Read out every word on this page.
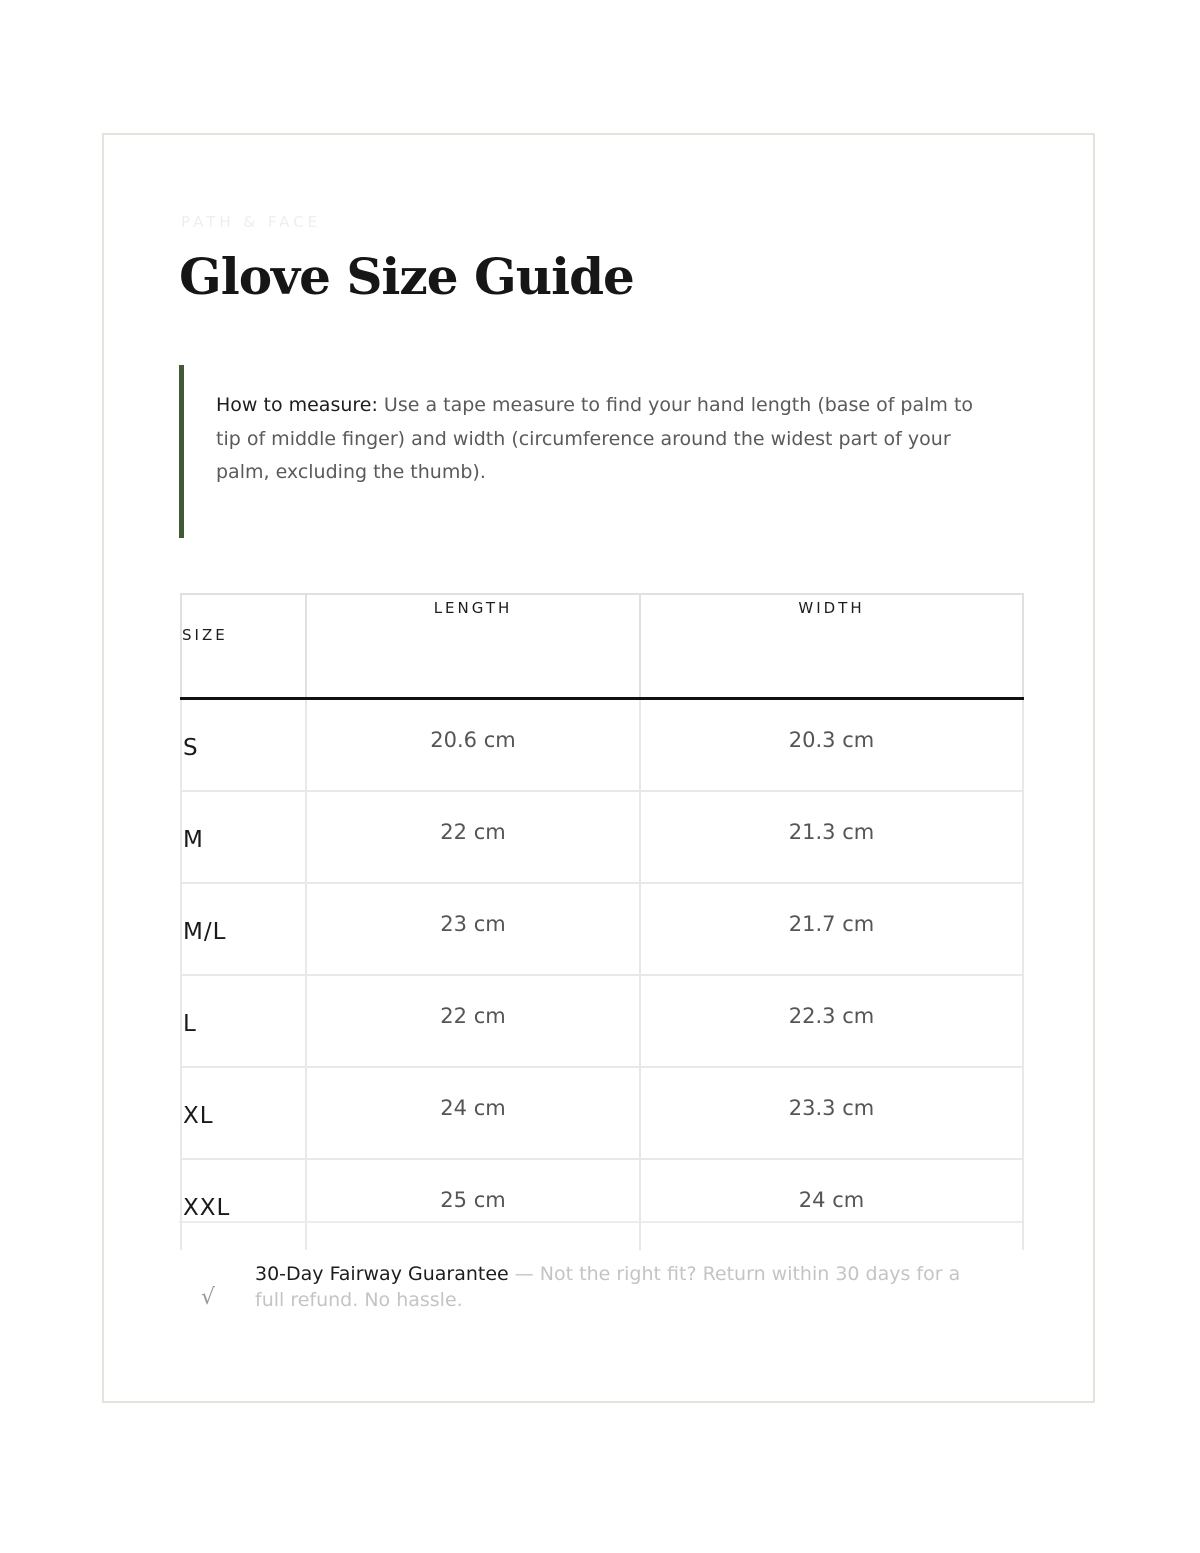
PATH & FACE
Glove Size Guide

How to measure: Use a tape measure to find your hand length (base of palm to tip of middle finger) and width (circumference around the widest part of your palm, excluding the thumb).

SIZE	LENGTH	WIDTH
S	20.6 cm	20.3 cm
M	22 cm	21.3 cm
M/L	23 cm	21.7 cm
L	22 cm	22.3 cm
XL	24 cm	23.3 cm
XXL	25 cm	24 cm
√

30-Day Fairway Guarantee — Not the right fit? Return within 30 days for a full refund. No hassle.
